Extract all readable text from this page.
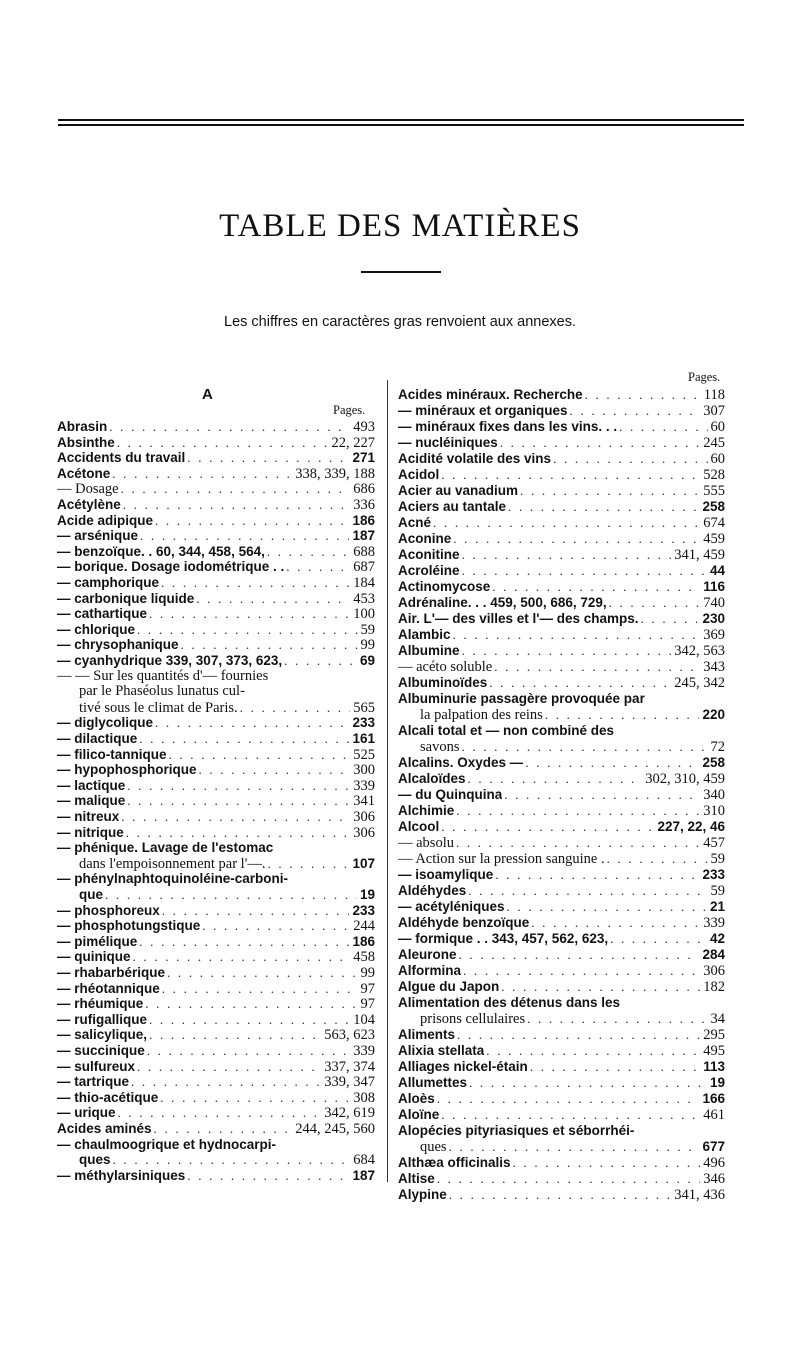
TABLE DES MATIÈRES
Les chiffres en caractères gras renvoient aux annexes.
A
Pages.
Pages.
Abrasin . . .	493
Absinthe . . .	22, 227
Accidents du travail . . .	271
Acétone . . .	338, 339, 188
— Dosage . . .	686
Acétylène . . .	336
Acide adipique . . .	186
— arsénique . . .	187
— benzoïque. . 60, 344, 458, 564, . . .	688
— borique. Dosage iodométrique . . . . .	687
— camphorique . . .	184
— carbonique liquide . . .	453
— cathartique . . .	100
— chlorique . . .	59
— chrysophanique . . .	99
— cyanhydrique 339, 307, 373, 623, . . .	69
— — Sur les quantités d'— fournies
par le Phaséolus lunatus cul-
tivé sous le climat de Paris. . . .	565
— diglycolique . . .	233
— dilactique . . .	161
— filico-tannique . . .	525
— hypophosphorique . . .	300
— lactique . . .	339
— malique . . .	341
— nitreux . . .	306
— nitrique . . .	306
— phénique. Lavage de l'estomac
dans l'empoisonnement par l'—. . . .	107
— phénylnaphtoquinoléine-carboni-
que . . .	19
— phosphoreux . . .	233
— phosphotungstique . . .	244
— pimélique . . .	186
— quinique . . .	458
— rhabarbérique . . .	99
— rhéotannique . . .	97
— rhéumique . . .	97
— rufigallique . . .	104
— salicylique, . . .	563, 623
— succinique . . .	339
— sulfureux . . .	337, 374
— tartrique . . .	339, 347
— thio-acétique . . .	308
— urique . . .	342, 619
Acides aminés . . .	244, 245, 560
— chaulmoogrique et hydnocarpi-
ques . . .	684
— méthylarsiniques . . .	187
Acides minéraux. Recherche . . .	118
— minéraux et organiques . . .	307
— minéraux fixes dans les vins. . . . . .	60
— nucléiniques . . .	245
Acidité volatile des vins . . .	60
Acidol . . .	528
Acier au vanadium . . .	555
Aciers au tantale . . .	258
Acné . . .	674
Aconine . . .	459
Aconitine . . .	341, 459
Acroléine . . .	44
Actinomycose . . .	116
Adrénaline. . . 459, 500, 686, 729, . . .	740
Air. L'— des villes et l'— des champs. . . .	230
Alambic . . .	369
Albumine . . .	342, 563
— acéto soluble . . .	343
Albuminoïdes . . .	245, 342
Albuminurie passagère provoquée par
la palpation des reins . . .	220
Alcali total et — non combiné des
savons . . .	72
Alcalins. Oxydes — . . .	258
Alcaloïdes . . .	302, 310, 459
— du Quinquina . . .	340
Alchimie . . .	310
Alcool . . .	227, 22, 46
— absolu . . .	457
— Action sur la pression sanguine . . . .	59
— isoamylique . . .	233
Aldéhydes . . .	59
— acétyléniques . . .	21
Aldéhyde benzoïque . . .	339
— formique . . 343, 457, 562, 623, . . .	42
Aleurone . . .	284
Alformina . . .	306
Algue du Japon . . .	182
Alimentation des détenus dans les
prisons cellulaires . . .	34
Aliments . . .	295
Alixia stellata . . .	495
Alliages nickel-étain . . .	113
Allumettes . . .	19
Aloès . . .	166
Aloïne . . .	461
Alopécies pityriasiques et séborrhéi-
ques . . .	677
Althæa officinalis . . .	496
Altise . . .	346
Alypine . . .	341, 436
